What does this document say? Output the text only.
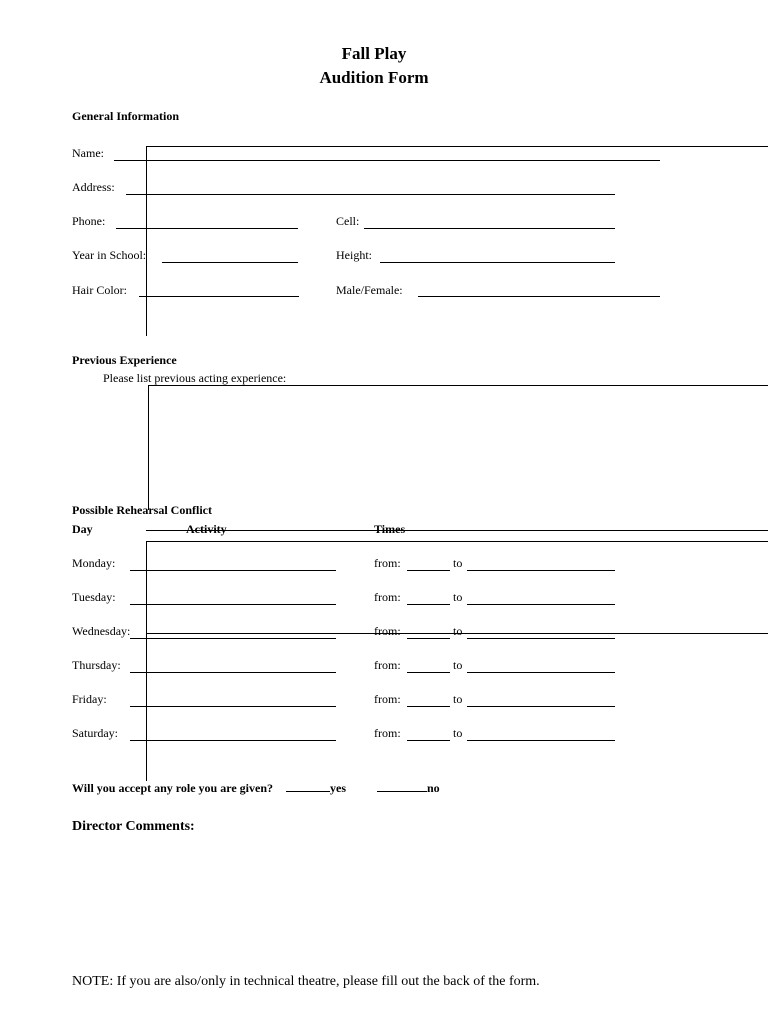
Fall Play
Audition Form
General Information
Name:
Address:
Phone:	Cell:
Year in School:	Height:
Hair Color:	Male/Female:
Previous Experience
Please list previous acting experience:
Possible Rehearsal Conflict
Day	Activity	Times
Monday:	from:	to
Tuesday:	from:	to
Wednesday:	from:	to
Thursday:	from:	to
Friday:	from:	to
Saturday:	from:	to
Will you accept any role you are given?	yes	no
Director Comments:
NOTE: If you are also/only in technical theatre, please fill out the back of the form.
